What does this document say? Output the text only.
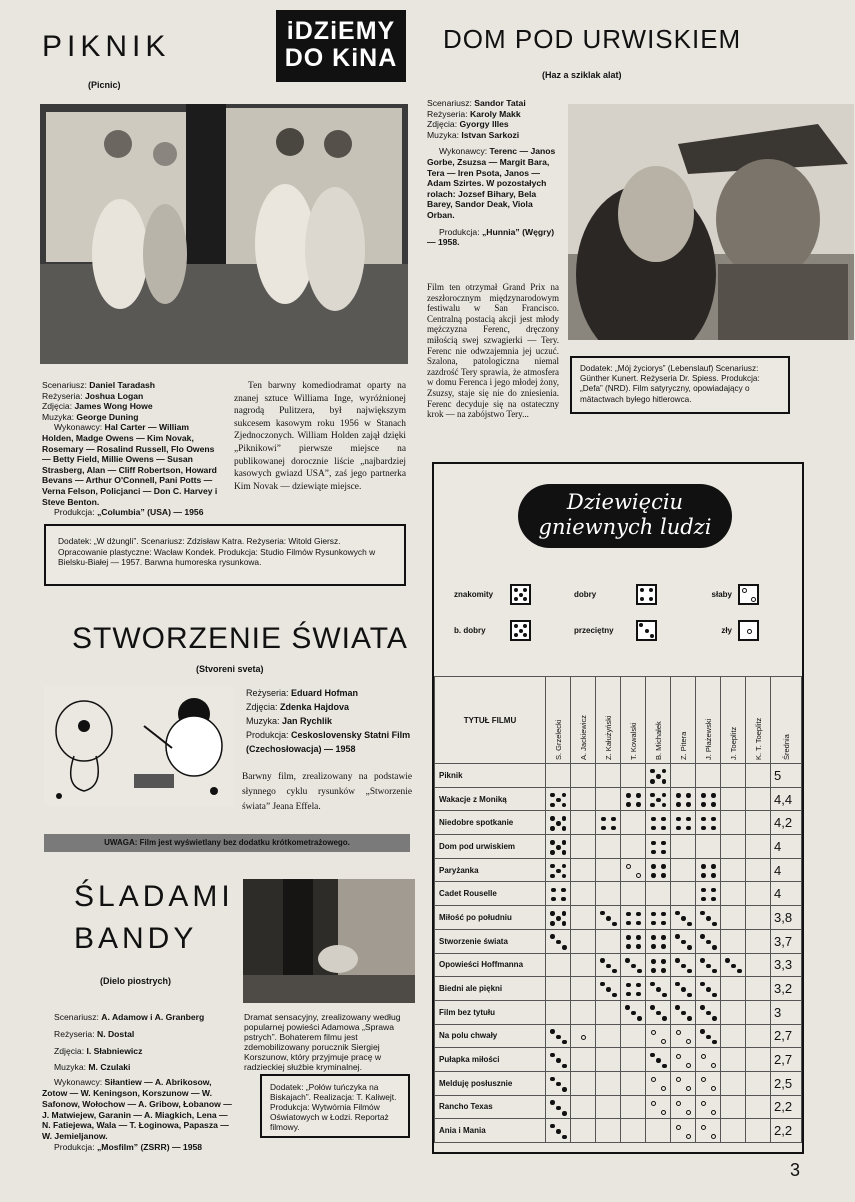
PIKNIK
(Picnic)
iDZiEMY
DO KiNA
DOM POD URWISKIEM
(Haz a sziklak alat)
Scenariusz: Daniel Taradash
Reżyseria: Joshua Logan
Zdjęcia: James Wong Howe
Muzyka: George Duning
Wykonawcy: Hal Carter — William Holden, Madge Owens — Kim Novak, Rosemary — Rosalind Russell, Flo Owens — Betty Field, Millie Owens — Susan Strasberg, Alan — Cliff Robertson, Howard Bevans — Arthur O'Connell, Pani Potts — Verna Felson, Policjanci — Don C. Harvey i Steve Benton.
Produkcja: „Columbia” (USA) — 1956
Ten barwny komediodramat oparty na znanej sztuce Williama Inge, wyróżnionej nagrodą Pulitzera, był największym sukcesem kasowym roku 1956 w Stanach Zjednoczonych. William Holden zajął dzięki „Piknikowi” pierwsze miejsce na publikowanej dorocznie liście „najbardziej kasowych gwiazd USA”, zaś jego partnerka Kim Novak — dziewiąte miejsce.
Dodatek: „W dżungli”. Scenariusz: Zdzisław Katra. Reżyseria: Witold Giersz. Opracowanie plastyczne: Wacław Kondek. Produkcja: Studio Filmów Rysunkowych w Bielsku-Białej — 1957. Barwna humoreska rysunkowa.
Scenariusz: Sandor Tatai
Reżyseria: Karoly Makk
Zdjęcia: Gyorgy Illes
Muzyka: Istvan Sarkozi
Wykonawcy: Terenc — Janos Gorbe, Zsuzsa — Margit Bara, Tera — Iren Psota, Janos — Adam Szirtes. W pozostałych rolach: Jozsef Bihary, Bela Barey, Sandor Deak, Viola Orban.
Produkcja: „Hunnia” (Węgry) — 1958.
Film ten otrzymał Grand Prix na zeszłorocznym międzynarodowym festiwalu w San Francisco. Centralną postacią akcji jest młody mężczyzna Ferenc, dręczony miłością swej szwagierki — Tery. Ferenc nie odwzajemnia jej uczuć. Szalona, patologiczna niemal zazdrość Tery sprawia, że atmosfera w domu Ferenca i jego młodej żony, Zsuzsy, staje się nie do zniesienia. Ferenc decyduje się na ostateczny krok — na zabójstwo Tery...
Dodatek: „Mój życiorys” (Lebenslauf) Scenariusz: Günther Kunert. Reżyseria Dr. Spiess. Produkcja: „Defa” (NRD). Film satyryczny, opowiadający o mätactwach byłego hitlerowca.
STWORZENIE ŚWIATA
(Stvoreni sveta)
Reżyseria: Eduard Hofman
Zdjęcia: Zdenka Hajdova
Muzyka: Jan Rychlik
Produkcja: Ceskoslovensky Statni Film (Czechosłowacja) — 1958
Barwny film, zrealizowany na podstawie słynnego cyklu rysunków „Stworzenie świata” Jeana Effela.
UWAGA: Film jest wyświetlany bez dodatku krótkometrażowego.
ŚLADAMI
BANDY
(Dielo piostrych)
Scenariusz: A. Adamow i A. Granberg
Reżyseria: N. Dostal
Zdjęcia: I. Słabniewicz
Muzyka: M. Czulaki
Wykonawcy: Siłantiew — A. Abrikosow, Zotow — W. Keningson, Korszunow — W. Safonow, Wołochow — A. Gribow, Łobanow — J. Matwiejew, Garanin — A. Miagkich, Lena — N. Fatiejewa, Wala — T. Łoginowa, Papasza — W. Jemieljanow.
Produkcja: „Mosfilm” (ZSRR) — 1958
Dramat sensacyjny, zrealizowany według popularnej powieści Adamowa „Sprawa pstrych”. Bohaterem filmu jest zdemobilizowany porucznik Siergiej Korszunow, który przyjmuje pracę w radzieckiej służbie kryminalnej.
Dodatek: „Połów tuńczyka na Biskajach”. Realizacja: T. Kaliwejt. Produkcja: Wytwórnia Filmów Oświatowych w Łodzi. Reportaż filmowy.
Dziewięciu
gniewnych ludzi
znakomity	dobry	słaby
b. dobry	przeciętny	zły
TYTUŁ FILMU	S. Grzelecki	A. Jackiewicz	Z. Kałużyński	T. Kowalski	B. Michałek	Z. Pitera	J. Płażewski	J. Toeplitz	K. T. Toeplitz	Średnia

Piknik										5
Wakacje z Moniką										4,4
Niedobre spotkanie										4,2
Dom pod urwiskiem										4
Paryżanka										4
Cadet Rouselle										4
Miłość po południu										3,8
Stworzenie świata										3,7
Opowieści Hoffmanna										3,3
Biedni ale piękni										3,2
Film bez tytułu										3
Na polu chwały										2,7
Pułapka miłości										2,7
Melduję posłusznie										2,5
Rancho Texas										2,2
Ania i Mania										2,2
3
